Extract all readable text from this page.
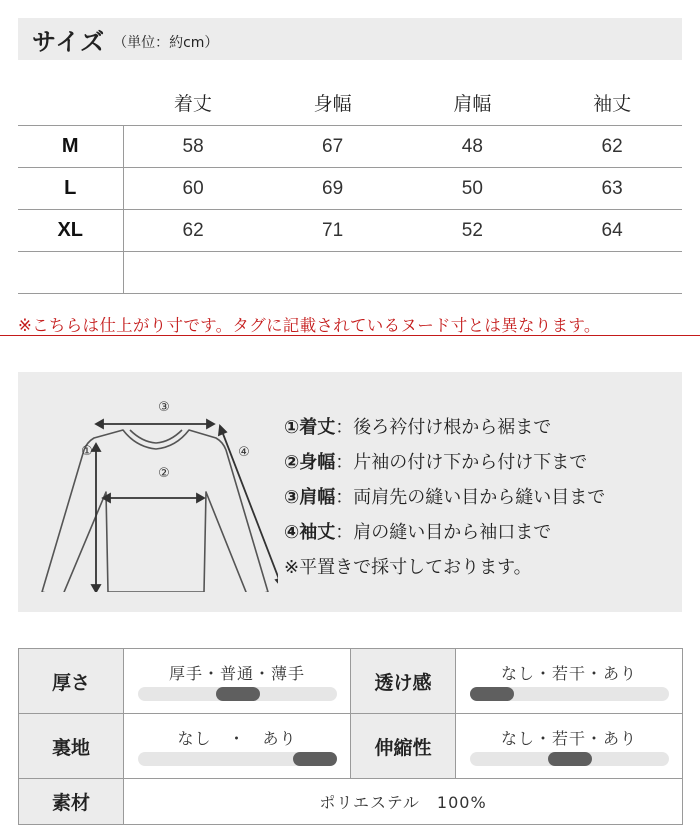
サイズ （単位：約cm）
	着丈	身幅	肩幅	袖丈
M	58	67	48	62
L	60	69	50	63
XL	62	71	52	64

※こちらは仕上がり寸です。タグに記載されているヌード寸とは異なります。
③
②
①	④
①着丈：後ろ衿付け根から裾まで
②身幅：片袖の付け下から付け下まで
③肩幅：両肩先の縫い目から縫い目まで
④袖丈：肩の縫い目から袖口まで
※平置きで採寸しております。
厚さ	厚手・普通・薄手	透け感	なし・若干・あり

裏地	なし　・　あり	伸縮性	なし・若干・あり

素材	ポリエステル　100%		
